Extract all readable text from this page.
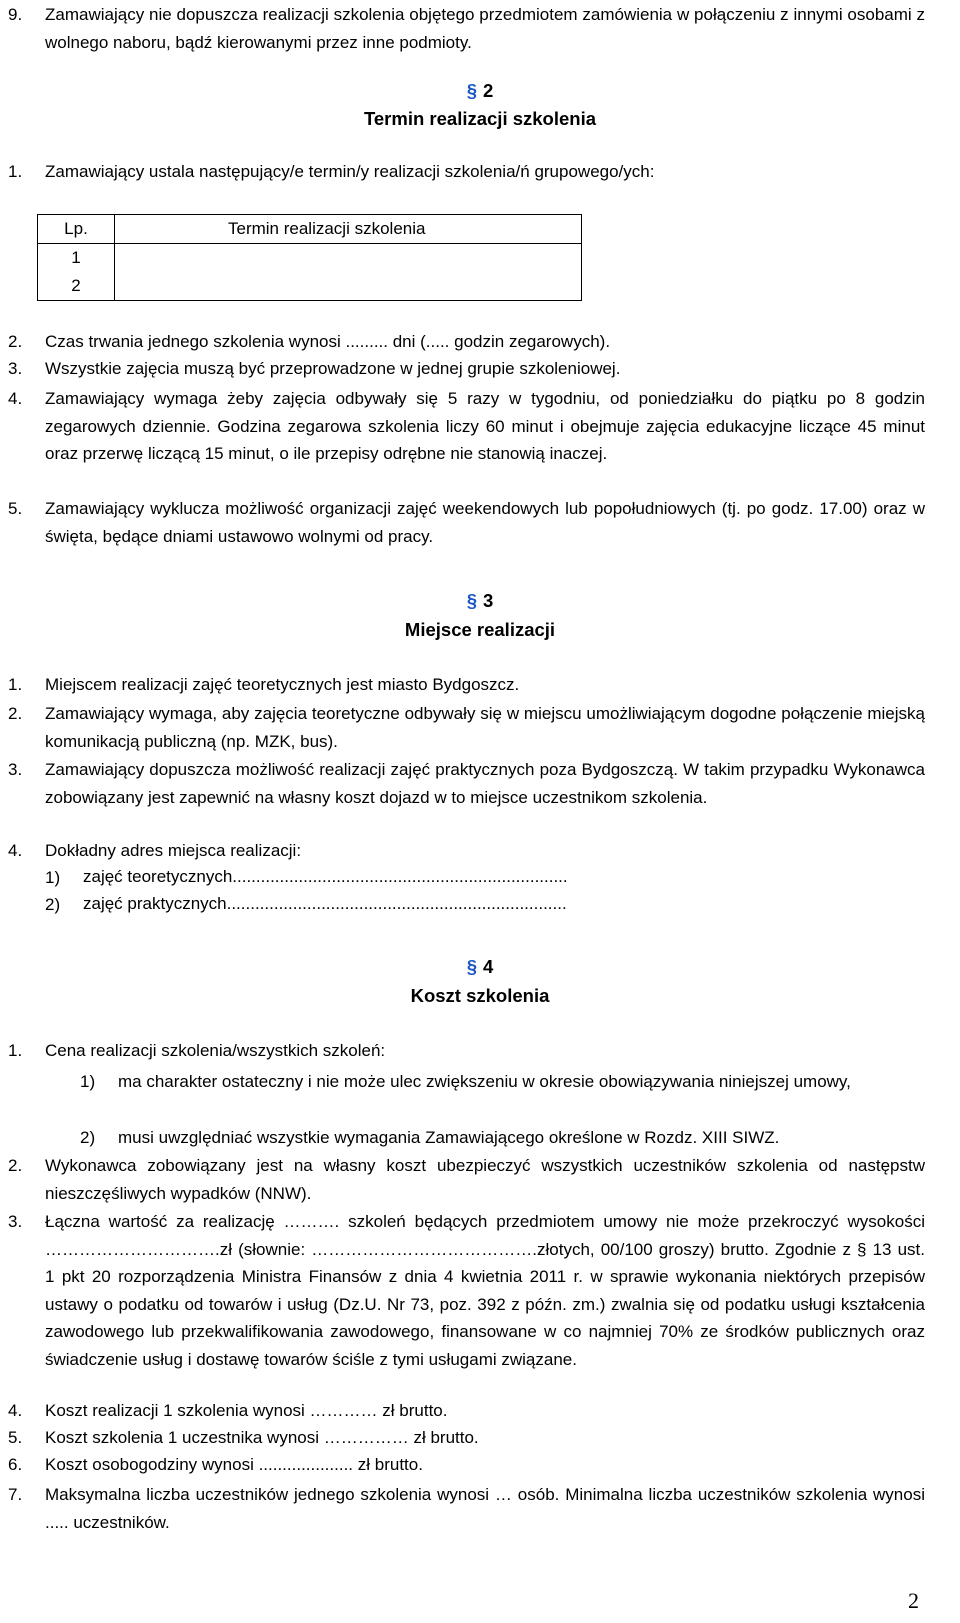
9.	Zamawiający nie dopuszcza realizacji szkolenia objętego przedmiotem zamówienia w połączeniu z innymi osobami z wolnego naboru, bądź kierowanymi przez inne podmioty.
§ 2
Termin realizacji szkolenia
1.	Zamawiający ustala następujący/e termin/y realizacji szkolenia/ń grupowego/ych:
Lp.	Termin realizacji szkolenia
1	
2	
2.	Czas trwania jednego szkolenia wynosi ......... dni (..... godzin zegarowych).
3.	Wszystkie zajęcia muszą być przeprowadzone w jednej grupie szkoleniowej.
4.	Zamawiający wymaga żeby zajęcia odbywały się 5 razy w tygodniu, od poniedziałku do piątku po 8 godzin zegarowych dziennie. Godzina zegarowa szkolenia liczy 60 minut i obejmuje zajęcia edukacyjne liczące 45 minut oraz przerwę liczącą 15 minut, o ile przepisy odrębne nie stanowią inaczej.
5.	Zamawiający wyklucza możliwość organizacji zajęć weekendowych lub popołudniowych (tj. po godz. 17.00) oraz w święta, będące dniami ustawowo wolnymi od pracy.
§ 3
Miejsce realizacji
1.	Miejscem realizacji zajęć teoretycznych jest miasto Bydgoszcz.
2.	Zamawiający wymaga, aby zajęcia teoretyczne odbywały się w miejscu umożliwiającym dogodne połączenie miejską komunikacją publiczną (np. MZK, bus).
3.	Zamawiający dopuszcza możliwość realizacji zajęć praktycznych poza Bydgoszczą. W takim przypadku Wykonawca zobowiązany jest zapewnić na własny koszt dojazd w to miejsce uczestnikom szkolenia.
4.	Dokładny adres miejsca realizacji:
1)	zajęć teoretycznych.......................................................................
2)	zajęć praktycznych........................................................................
§ 4
Koszt szkolenia
1.	Cena realizacji szkolenia/wszystkich szkoleń:
1)	ma charakter ostateczny i nie może ulec zwiększeniu w okresie obowiązywania niniejszej umowy,
2)	musi uwzględniać wszystkie wymagania Zamawiającego określone w Rozdz. XIII SIWZ.
2.	Wykonawca zobowiązany jest na własny koszt ubezpieczyć wszystkich uczestników szkolenia od następstw nieszczęśliwych wypadków (NNW).
3.	Łączna wartość za realizację ………. szkoleń będących przedmiotem umowy nie może przekroczyć wysokości ………………………….zł (słownie: ………………………………….złotych, 00/100 groszy) brutto. Zgodnie z § 13 ust. 1 pkt 20 rozporządzenia Ministra Finansów z dnia 4 kwietnia 2011 r. w sprawie wykonania niektórych przepisów ustawy o podatku od towarów i usług (Dz.U. Nr 73, poz. 392 z późn. zm.) zwalnia się od podatku usługi kształcenia zawodowego lub przekwalifikowania zawodowego, finansowane w co najmniej 70% ze środków publicznych oraz świadczenie usług i dostawę towarów ściśle z tymi usługami związane.
4.	Koszt realizacji 1 szkolenia wynosi ………… zł brutto.
5.	Koszt szkolenia 1 uczestnika wynosi …………… zł brutto.
6.	Koszt osobogodziny wynosi .................... zł brutto.
7.	Maksymalna liczba uczestników jednego szkolenia wynosi … osób. Minimalna liczba uczestników szkolenia wynosi ..... uczestników.
2
